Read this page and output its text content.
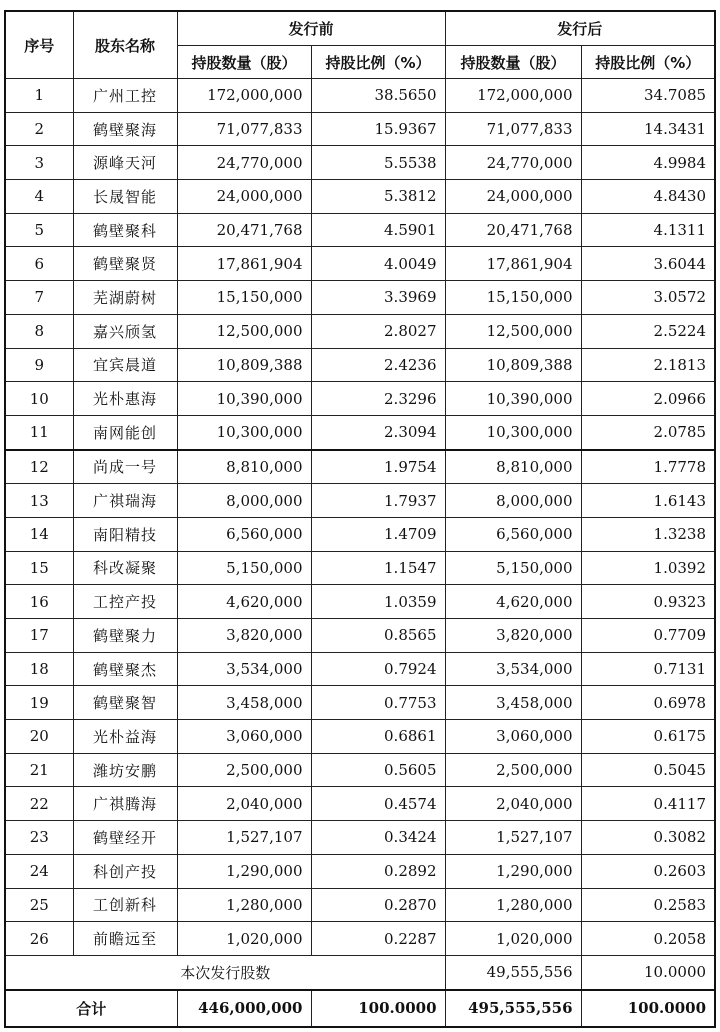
序号	股东名称	发行前		发行后	
		持股数量（股）	持股比例（%）	持股数量（股）	持股比例（%）
1	广州工控	172,000,000	38.5650	172,000,000	34.7085
2	鹤壁聚海	71,077,833	15.9367	71,077,833	14.3431
3	源峰天河	24,770,000	5.5538	24,770,000	4.9984
4	长晟智能	24,000,000	5.3812	24,000,000	4.8430
5	鹤壁聚科	20,471,768	4.5901	20,471,768	4.1311
6	鹤壁聚贤	17,861,904	4.0049	17,861,904	3.6044
7	芜湖蔚树	15,150,000	3.3969	15,150,000	3.0572
8	嘉兴颀氢	12,500,000	2.8027	12,500,000	2.5224
9	宜宾晨道	10,809,388	2.4236	10,809,388	2.1813
10	光朴惠海	10,390,000	2.3296	10,390,000	2.0966
11	南网能创	10,300,000	2.3094	10,300,000	2.0785
12	尚成一号	8,810,000	1.9754	8,810,000	1.7778
13	广祺瑞海	8,000,000	1.7937	8,000,000	1.6143
14	南阳精技	6,560,000	1.4709	6,560,000	1.3238
15	科改凝聚	5,150,000	1.1547	5,150,000	1.0392
16	工控产投	4,620,000	1.0359	4,620,000	0.9323
17	鹤壁聚力	3,820,000	0.8565	3,820,000	0.7709
18	鹤壁聚杰	3,534,000	0.7924	3,534,000	0.7131
19	鹤壁聚智	3,458,000	0.7753	3,458,000	0.6978
20	光朴益海	3,060,000	0.6861	3,060,000	0.6175
21	潍坊安鹏	2,500,000	0.5605	2,500,000	0.5045
22	广祺腾海	2,040,000	0.4574	2,040,000	0.4117
23	鹤壁经开	1,527,107	0.3424	1,527,107	0.3082
24	科创产投	1,290,000	0.2892	1,290,000	0.2603
25	工创新科	1,280,000	0.2870	1,280,000	0.2583
26	前瞻远至	1,020,000	0.2287	1,020,000	0.2058
本次发行股数				49,555,556	10.0000
合计		446,000,000	100.0000	495,555,556	100.0000
